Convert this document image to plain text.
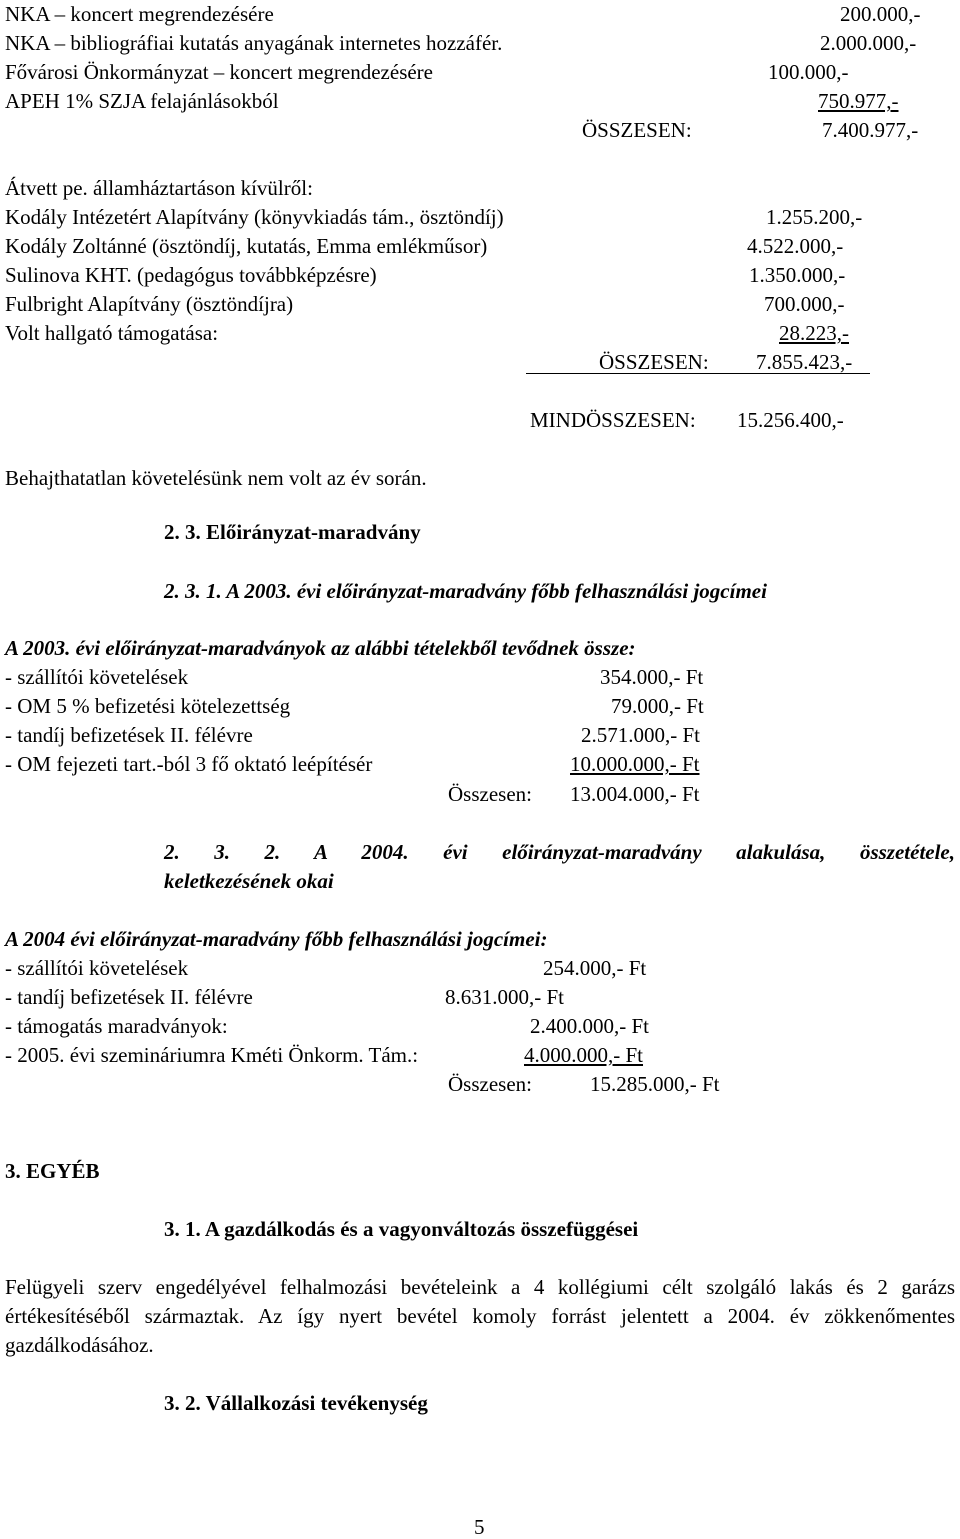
NKA – koncert megrendezésére	200.000,-
NKA – bibliográfiai kutatás anyagának internetes hozzáfér.	2.000.000,-
Fővárosi Önkormányzat – koncert megrendezésére	100.000,-
APEH 1% SZJA felajánlásokból	750.977,-
ÖSSZESEN:	7.400.977,-
Átvett pe. államháztartáson kívülről:
Kodály Intézetért Alapítvány (könyvkiadás tám., ösztöndíj)	1.255.200,-
Kodály Zoltánné (ösztöndíj, kutatás, Emma emlékműsor)	4.522.000,-
Sulinova KHT. (pedagógus továbbképzésre)	1.350.000,-
Fulbright Alapítvány (ösztöndíjra)	700.000,-
Volt hallgató támogatása:	28.223,-
ÖSSZESEN: 7.855.423,-
MINDÖSSZESEN: 15.256.400,-
Behajthatatlan követelésünk nem volt az év során.
2. 3. Előirányzat-maradvány
2. 3. 1. A 2003. évi előirányzat-maradvány főbb felhasználási jogcímei
A 2003. évi előirányzat-maradványok az alábbi tételekből tevődnek össze:
- szállítói követelések	354.000,- Ft
- OM 5 % befizetési kötelezettség	79.000,- Ft
- tandíj befizetések II. félévre	2.571.000,- Ft
- OM fejezeti tart.-ból 3 fő oktató leépítésér	10.000.000,- Ft
Összesen: 13.004.000,- Ft
2. 3. 2. A 2004. évi előirányzat-maradvány alakulása, összetétele,
keletkezésének okai
A 2004 évi előirányzat-maradvány főbb felhasználási jogcímei:
- szállítói követelések	254.000,- Ft
- tandíj befizetések II. félévre	8.631.000,- Ft
- támogatás maradványok:	2.400.000,- Ft
- 2005. évi szemináriumra Kméti Önkorm. Tám.:	4.000.000,- Ft
Összesen:	15.285.000,- Ft
3. EGYÉB
3. 1. A gazdálkodás és a vagyonváltozás összefüggései
Felügyeli szerv engedélyével felhalmozási bevételeink a 4 kollégiumi célt szolgáló lakás és 2 garázs értékesítéséből származtak. Az így nyert bevétel komoly forrást jelentett a 2004. év zökkenőmentes gazdálkodásához.
3. 2. Vállalkozási tevékenység
5
